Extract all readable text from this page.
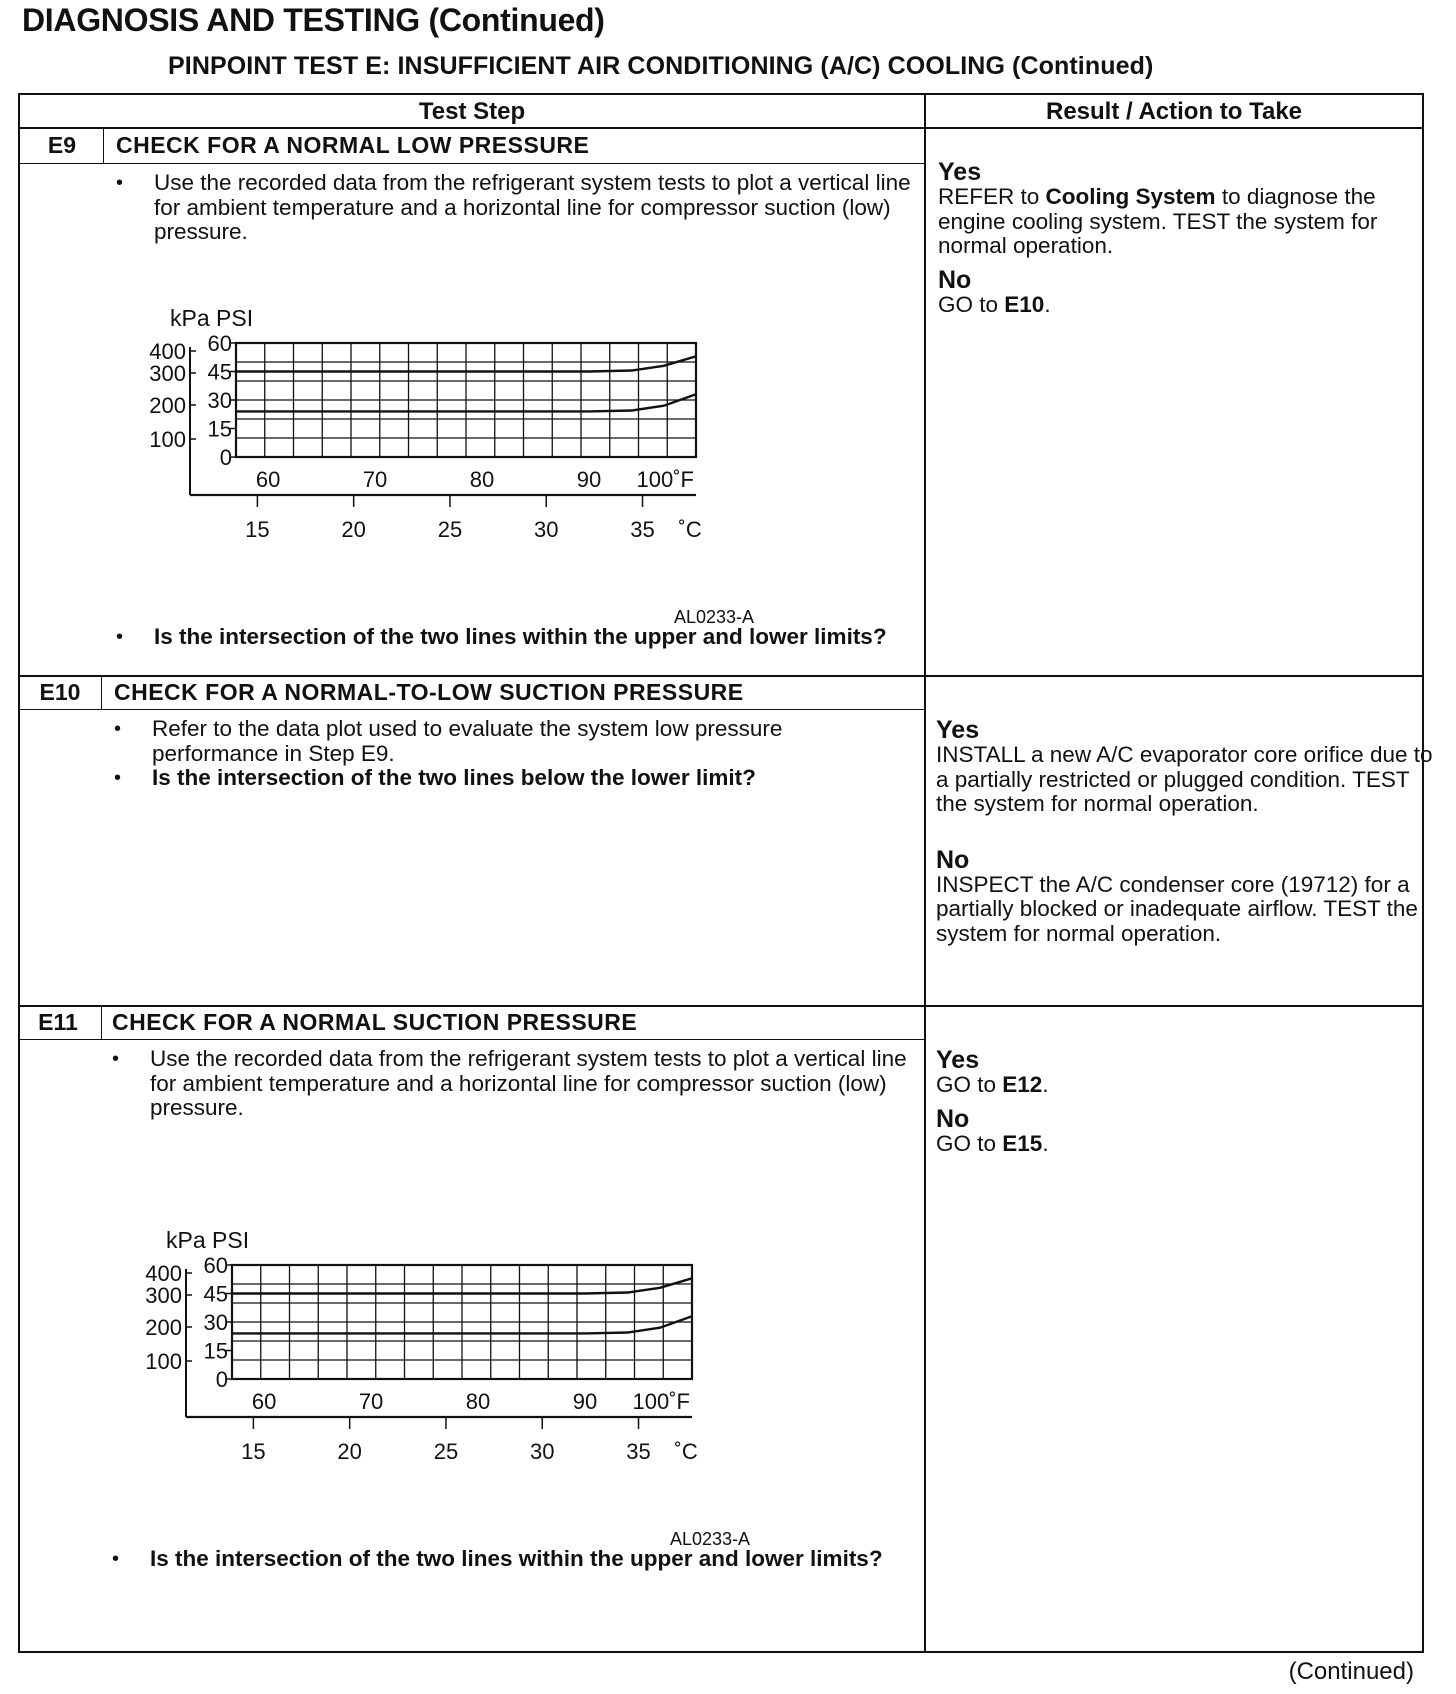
DIAGNOSIS AND TESTING (Continued)
PINPOINT TEST E: INSUFFICIENT AIR CONDITIONING (A/C) COOLING (Continued)
Test Step	Result / Action to Take
E9	CHECK FOR A NORMAL LOW PRESSURE
• Use the recorded data from the refrigerant system tests to plot a vertical line for ambient temperature and a horizontal line for compressor suction (low) pressure.
kPa PSI
60
45
30
15
0
400
300
200
100
60	70	80	90 100˚F
15	20	25	30	35 ˚C
AL0233-A
• Is the intersection of the two lines within the upper and lower limits?
Yes

REFER to Cooling System to diagnose the engine cooling system. TEST the system for normal operation.

No

GO to E10.

E10	CHECK FOR A NORMAL-TO-LOW SUCTION PRESSURE
• Refer to the data plot used to evaluate the system low pressure performance in Step E9.
• Is the intersection of the two lines below the lower limit?
Yes

INSTALL a new A/C evaporator core orifice due to a partially restricted or plugged condition. TEST the system for normal operation.

No

INSPECT the A/C condenser core (19712) for a partially blocked or inadequate airflow. TEST the system for normal operation.

E11	CHECK FOR A NORMAL SUCTION PRESSURE
• Use the recorded data from the refrigerant system tests to plot a vertical line for ambient temperature and a horizontal line for compressor suction (low) pressure.
kPa PSI
60
45
30
15
0
400
300
200
100
60	70	80	90 100˚F
15	20	25	30	35 ˚C
AL0233-A
• Is the intersection of the two lines within the upper and lower limits?
Yes

GO to E12.

No

GO to E15.

(Continued)
